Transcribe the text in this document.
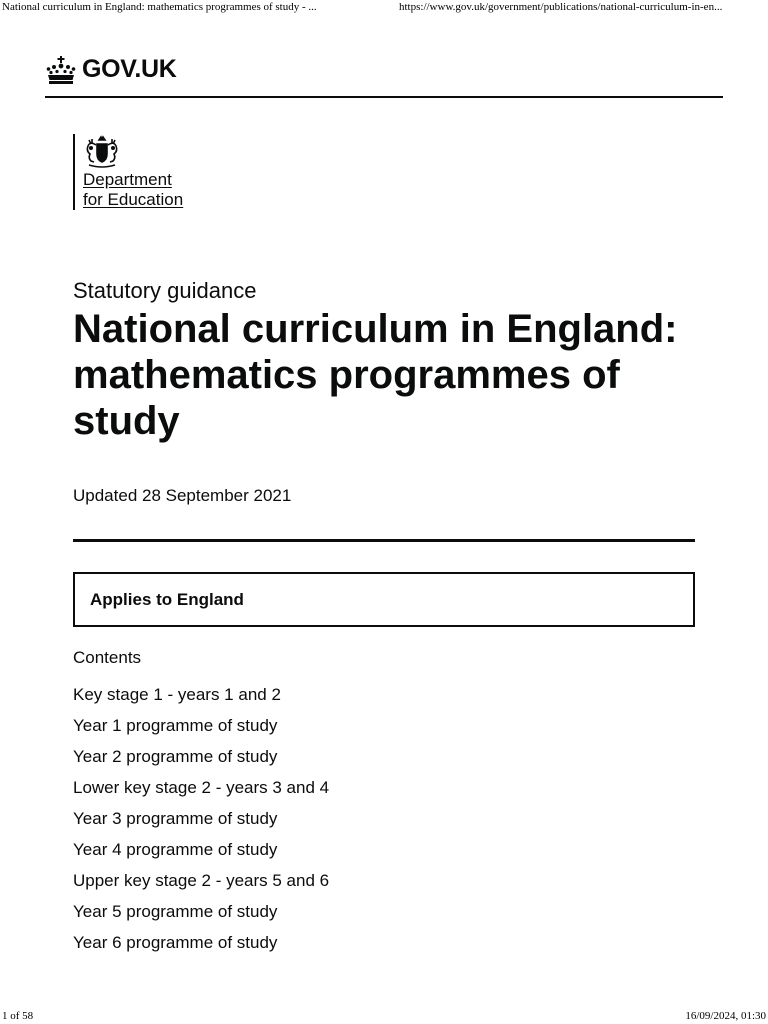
National curriculum in England: mathematics programmes of study - ...	https://www.gov.uk/government/publications/national-curriculum-in-en...
GOV.UK
Department
for Education
Statutory guidance
National curriculum in England: mathematics programmes of study
Updated 28 September 2021
Applies to England
Contents
Key stage 1 - years 1 and 2
Year 1 programme of study
Year 2 programme of study
Lower key stage 2 - years 3 and 4
Year 3 programme of study
Year 4 programme of study
Upper key stage 2 - years 5 and 6
Year 5 programme of study
Year 6 programme of study
1 of 58	16/09/2024, 01:30
